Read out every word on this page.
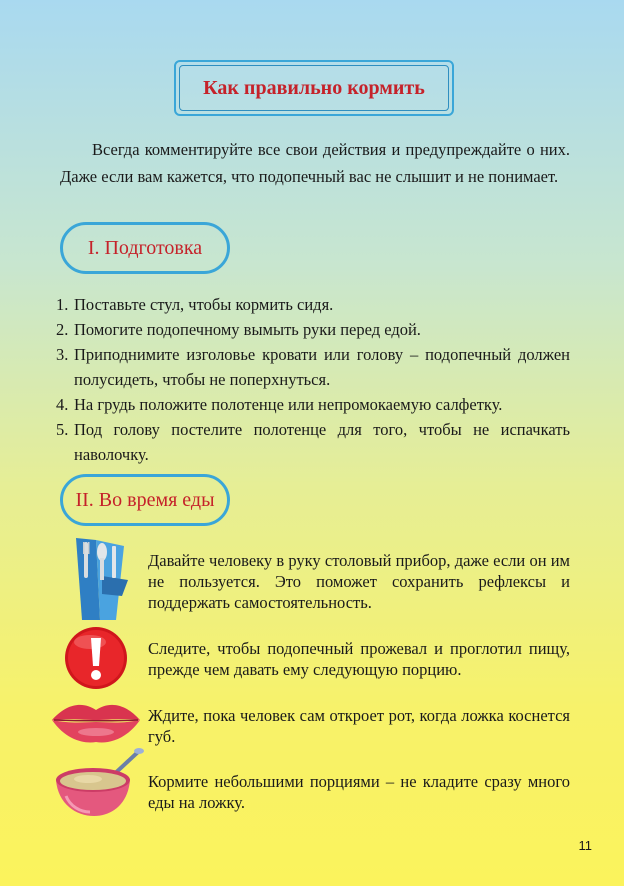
Как правильно кормить

Всегда комментируйте все свои действия и предупреждайте о них. Даже если вам кажется, что подопечный вас не слышит и не понимает.

I. Подготовка
1. Поставьте стул, чтобы кормить сидя.
2. Помогите подопечному вымыть руки перед едой.
3. Приподнимите изголовье кровати или голову – подопечный должен полусидеть, чтобы не поперхнуться.
4. На грудь положите полотенце или непромокаемую салфетку.
5. Под голову постелите полотенце для того, чтобы не испачкать наволочку.
II. Во время еды
Давайте человеку в руку столовый прибор, даже если он им не пользуется. Это поможет сохранить рефлексы и поддержать самостоятельность.
Следите, чтобы подопечный прожевал и проглотил пищу, прежде чем давать ему следующую порцию.
Ждите, пока человек сам откроет рот, когда ложка коснется губ.
Кормите небольшими порциями – не кладите сразу много еды на ложку.
11
